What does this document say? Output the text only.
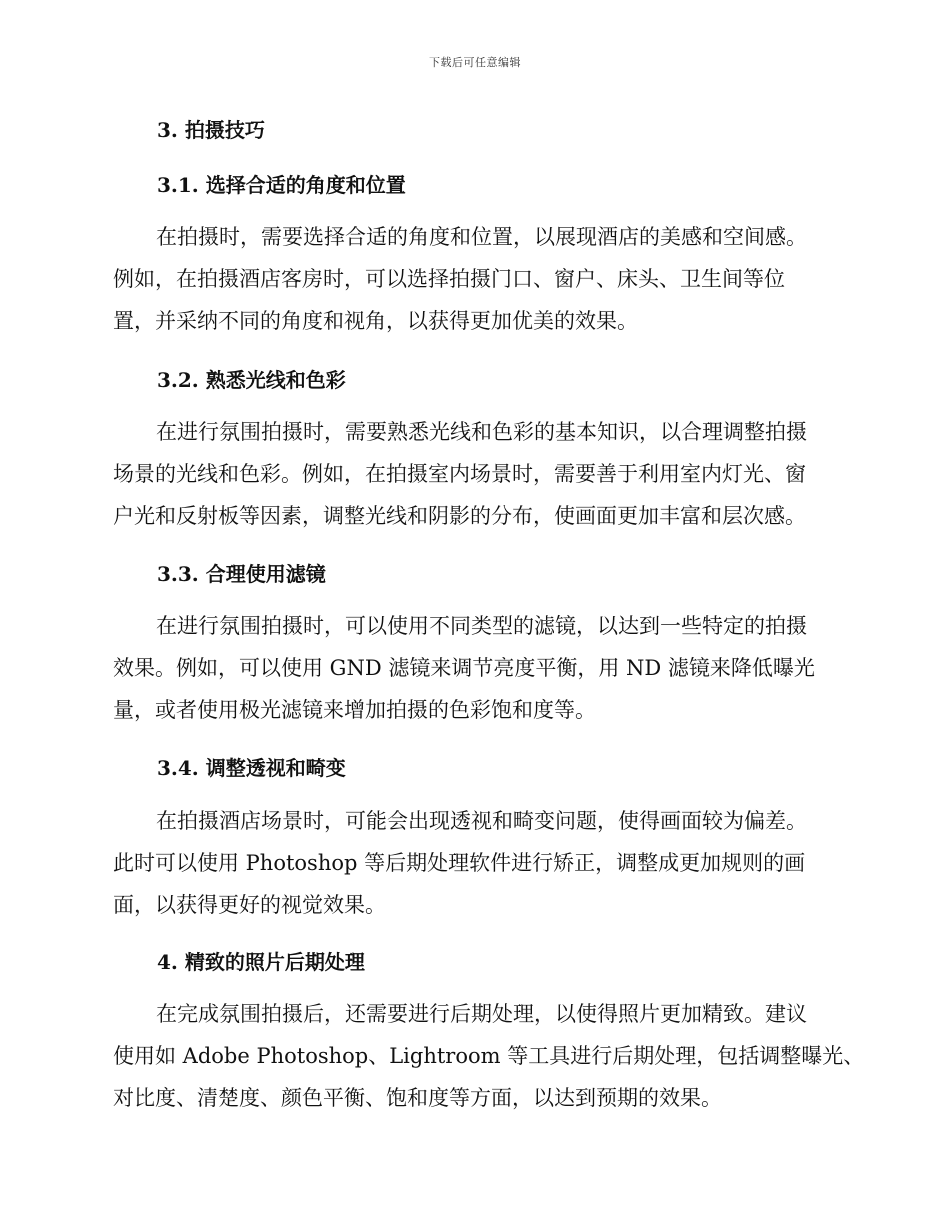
下载后可任意编辑
3. 拍摄技巧
3.1. 选择合适的角度和位置
在拍摄时，需要选择合适的角度和位置，以展现酒店的美感和空间感。
例如，在拍摄酒店客房时，可以选择拍摄门口、窗户、床头、卫生间等位
置，并采纳不同的角度和视角，以获得更加优美的效果。
3.2. 熟悉光线和色彩
在进行氛围拍摄时，需要熟悉光线和色彩的基本知识，以合理调整拍摄
场景的光线和色彩。例如，在拍摄室内场景时，需要善于利用室内灯光、窗
户光和反射板等因素，调整光线和阴影的分布，使画面更加丰富和层次感。
3.3. 合理使用滤镜
在进行氛围拍摄时，可以使用不同类型的滤镜，以达到一些特定的拍摄
效果。例如，可以使用 GND 滤镜来调节亮度平衡，用 ND 滤镜来降低曝光
量，或者使用极光滤镜来增加拍摄的色彩饱和度等。
3.4. 调整透视和畸变
在拍摄酒店场景时，可能会出现透视和畸变问题，使得画面较为偏差。
此时可以使用 Photoshop 等后期处理软件进行矫正，调整成更加规则的画
面，以获得更好的视觉效果。
4. 精致的照片后期处理
在完成氛围拍摄后，还需要进行后期处理，以使得照片更加精致。建议
使用如 Adobe Photoshop、Lightroom 等工具进行后期处理，包括调整曝光、
对比度、清楚度、颜色平衡、饱和度等方面，以达到预期的效果。
